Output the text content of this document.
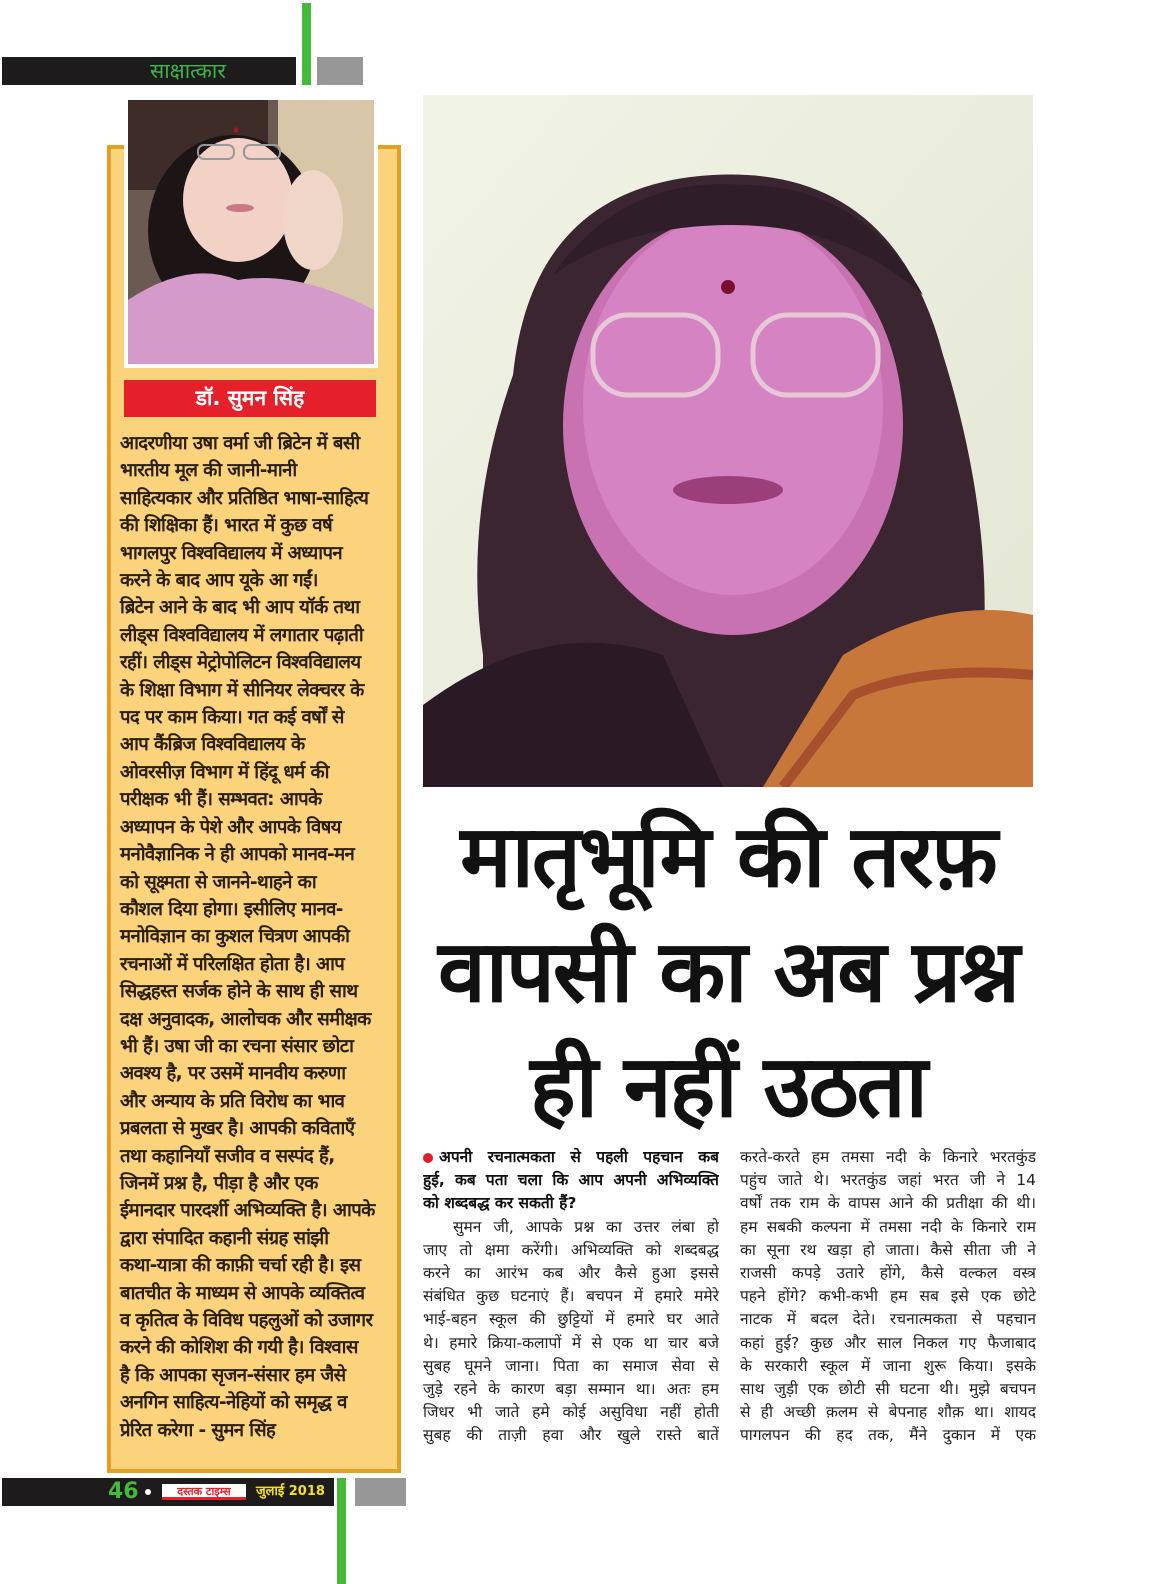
साक्षात्कार
डॉ. सुमन सिंह
आदरणीया उषा वर्मा जी ब्रिटेन में बसी
भारतीय मूल की जानी-मानी
साहित्यकार और प्रतिष्ठित भाषा-साहित्य
की शिक्षिका हैं। भारत में कुछ वर्ष
भागलपुर विश्वविद्यालय में अध्यापन
करने के बाद आप यूके आ गईं।
ब्रिटेन आने के बाद भी आप यॉर्क तथा
लीड्स विश्वविद्यालय में लगातार पढ़ाती
रहीं। लीड्स मेट्रोपोलिटन विश्वविद्यालय
के शिक्षा विभाग में सीनियर लेक्चरर के
पद पर काम किया। गत कई वर्षों से
आप कैंब्रिज विश्वविद्यालय के
ओवरसीज़ विभाग में हिंदू धर्म की
परीक्षक भी हैं। सम्भवत: आपके
अध्यापन के पेशे और आपके विषय
मनोवैज्ञानिक ने ही आपको मानव-मन
को सूक्ष्मता से जानने-थाहने का
कौशल दिया होगा। इसीलिए मानव-
मनोविज्ञान का कुशल चित्रण आपकी
रचनाओं में परिलक्षित होता है। आप
सिद्धहस्त सर्जक होने के साथ ही साथ
दक्ष अनुवादक, आलोचक और समीक्षक
भी हैं। उषा जी का रचना संसार छोटा
अवश्य है, पर उसमें मानवीय करुणा
और अन्याय के प्रति विरोध का भाव
प्रबलता से मुखर है। आपकी कविताएँ
तथा कहानियाँ सजीव व सस्पंद हैं,
जिनमें प्रश्न है, पीड़ा है और एक
ईमानदार पारदर्शी अभिव्यक्ति है। आपके
द्वारा संपादित कहानी संग्रह सांझी
कथा-यात्रा की काफ़ी चर्चा रही है। इस
बातचीत के माध्यम से आपके व्यक्तित्व
व कृतित्व के विविध पहलुओं को उजागर
करने की कोशिश की गयी है। विश्वास
है कि आपका सृजन-संसार हम जैसे
अनगिन साहित्य-नेहियों को समृद्ध व
प्रेरित करेगा - सुमन सिंह
मातृभूमि की तरफ़
वापसी का अब प्रश्न
ही नहीं उठता
अपनी रचनात्मकता से पहली पहचान कब
हुई, कब पता चला कि आप अपनी अभिव्यक्ति
को शब्दबद्ध कर सकती हैं?
सुमन जी, आपके प्रश्न का उत्तर लंबा हो
जाए तो क्षमा करेंगी। अभिव्यक्ति को शब्दबद्ध
करने का आरंभ कब और कैसे हुआ इससे
संबंधित कुछ घटनाएं हैं। बचपन में हमारे ममेरे
भाई-बहन स्कूल की छुट्टियों में हमारे घर आते
थे। हमारे क्रिया-कलापों में से एक था चार बजे
सुबह घूमने जाना। पिता का समाज सेवा से
जुड़े रहने के कारण बड़ा सम्मान था। अतः हम
जिधर भी जाते हमे कोई असुविधा नहीं होती
सुबह की ताज़ी हवा और खुले रास्ते बातें
करते-करते हम तमसा नदी के किनारे भरतकुंड
पहुंच जाते थे। भरतकुंड जहां भरत जी ने 14
वर्षों तक राम के वापस आने की प्रतीक्षा की थी।
हम सबकी कल्पना में तमसा नदी के किनारे राम
का सूना रथ खड़ा हो जाता। कैसे सीता जी ने
राजसी कपड़े उतारे होंगे, कैसे वल्कल वस्त्र
पहने होंगे? कभी-कभी हम सब इसे एक छोटे
नाटक में बदल देते। रचनात्मकता से पहचान
कहां हुई? कुछ और साल निकल गए फैजाबाद
के सरकारी स्कूल में जाना शुरू किया। इसके
साथ जुड़ी एक छोटी सी घटना थी। मुझे बचपन
से ही अच्छी क़लम से बेपनाह शौक़ था। शायद
पागलपन की हद तक, मैंने दुकान में एक
46	दस्तक टाइम्स	जुलाई 2018
